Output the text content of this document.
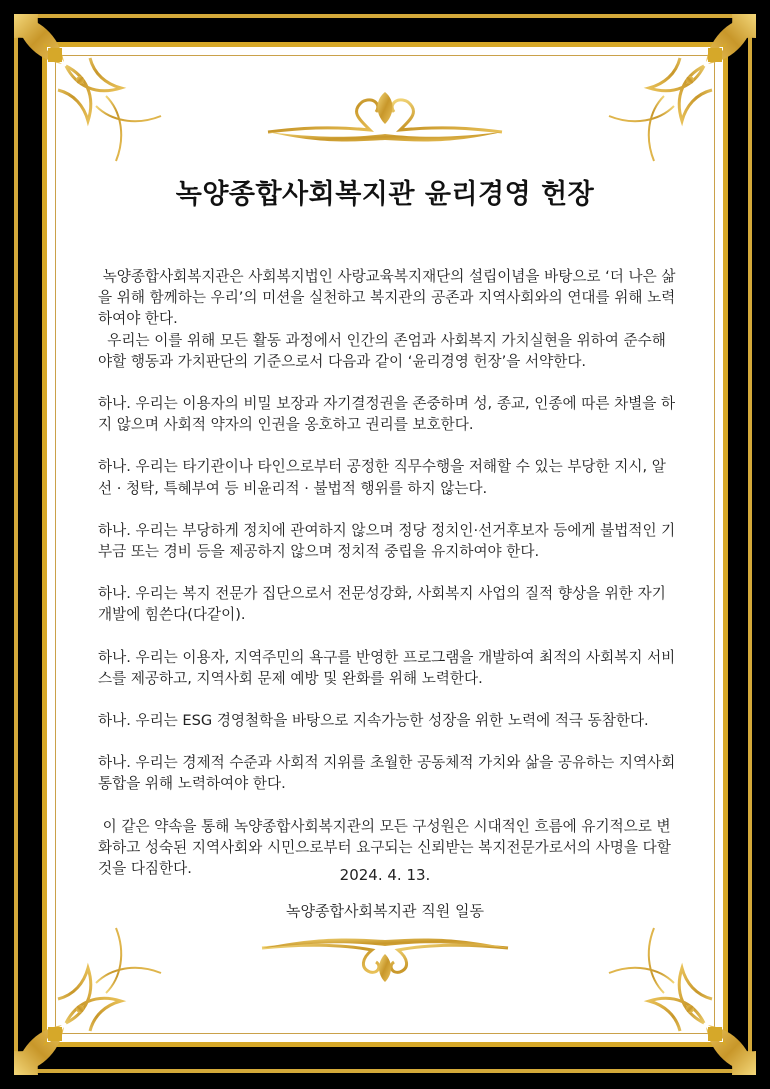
녹양종합사회복지관 윤리경영 헌장

녹양종합사회복지관은 사회복지법인 사랑교육복지재단의 설립이념을 바탕으로 ‘더 나은 삶을 위해 함께하는 우리’의 미션을 실천하고 복지관의 공존과 지역사회와의 연대를 위해 노력하여야 한다.

우리는 이를 위해 모든 활동 과정에서 인간의 존엄과 사회복지 가치실현을 위하여 준수해야할 행동과 가치판단의 기준으로서 다음과 같이 ‘윤리경영 헌장’을 서약한다.

하나. 우리는 이용자의 비밀 보장과 자기결정권을 존중하며 성, 종교, 인종에 따른 차별을 하지 않으며 사회적 약자의 인권을 옹호하고 권리를 보호한다.

하나. 우리는 타기관이나 타인으로부터 공정한 직무수행을 저해할 수 있는 부당한 지시, 알선 · 청탁, 특혜부여 등 비윤리적 · 불법적 행위를 하지 않는다.

하나. 우리는 부당하게 정치에 관여하지 않으며 정당 정치인·선거후보자 등에게 불법적인 기부금 또는 경비 등을 제공하지 않으며 정치적 중립을 유지하여야 한다.

하나. 우리는 복지 전문가 집단으로서 전문성강화, 사회복지 사업의 질적 향상을 위한 자기개발에 힘쓴다(다같이).

하나. 우리는 이용자, 지역주민의 욕구를 반영한 프로그램을 개발하여 최적의 사회복지 서비스를 제공하고, 지역사회 문제 예방 및 완화를 위해 노력한다.

하나. 우리는 ESG 경영철학을 바탕으로 지속가능한 성장을 위한 노력에 적극 동참한다.

하나. 우리는 경제적 수준과 사회적 지위를 초월한 공동체적 가치와 삶을 공유하는 지역사회통합을 위해 노력하여야 한다.

이 같은 약속을 통해 녹양종합사회복지관의 모든 구성원은 시대적인 흐름에 유기적으로 변화하고 성숙된 지역사회와 시민으로부터 요구되는 신뢰받는 복지전문가로서의 사명을 다할 것을 다짐한다.	2024. 4. 13.
녹양종합사회복지관 직원 일동
